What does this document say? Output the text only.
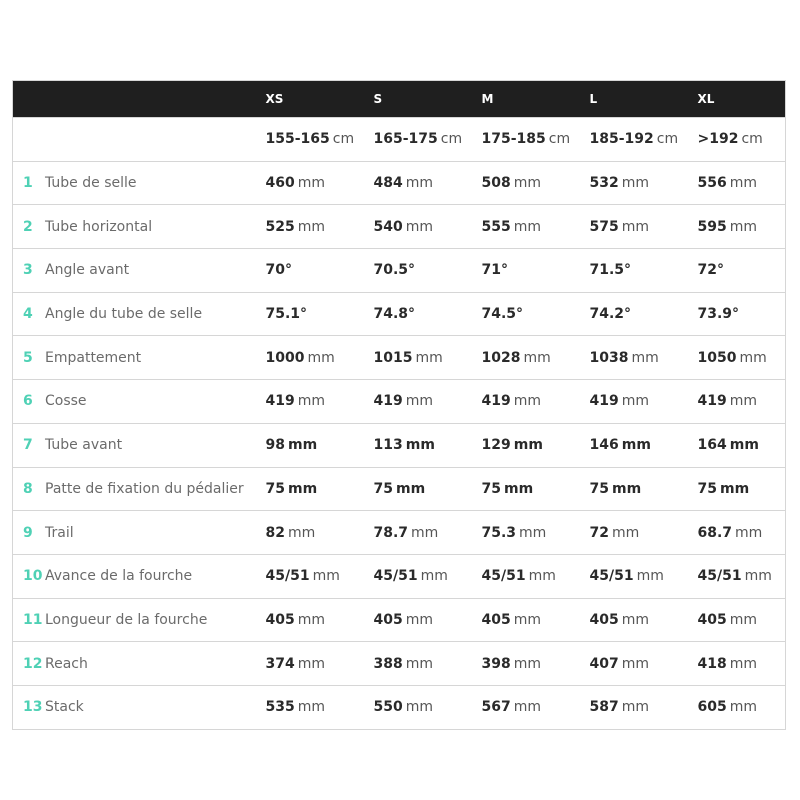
	XS	S	M	L	XL
	155-165 cm	165-175 cm	175-185 cm	185-192 cm	>192 cm
1 Tube de selle	460 mm	484 mm	508 mm	532 mm	556 mm
2 Tube horizontal	525 mm	540 mm	555 mm	575 mm	595 mm
3 Angle avant	70°	70.5°	71°	71.5°	72°
4 Angle du tube de selle	75.1°	74.8°	74.5°	74.2°	73.9°
5 Empattement	1000 mm	1015 mm	1028 mm	1038 mm	1050 mm
6 Cosse	419 mm	419 mm	419 mm	419 mm	419 mm
7 Tube avant	98 mm	113 mm	129 mm	146 mm	164 mm
8 Patte de fixation du pédalier	75 mm	75 mm	75 mm	75 mm	75 mm
9 Trail	82 mm	78.7 mm	75.3 mm	72 mm	68.7 mm
10 Avance de la fourche	45/51 mm	45/51 mm	45/51 mm	45/51 mm	45/51 mm
11 Longueur de la fourche	405 mm	405 mm	405 mm	405 mm	405 mm
12 Reach	374 mm	388 mm	398 mm	407 mm	418 mm
13 Stack	535 mm	550 mm	567 mm	587 mm	605 mm
